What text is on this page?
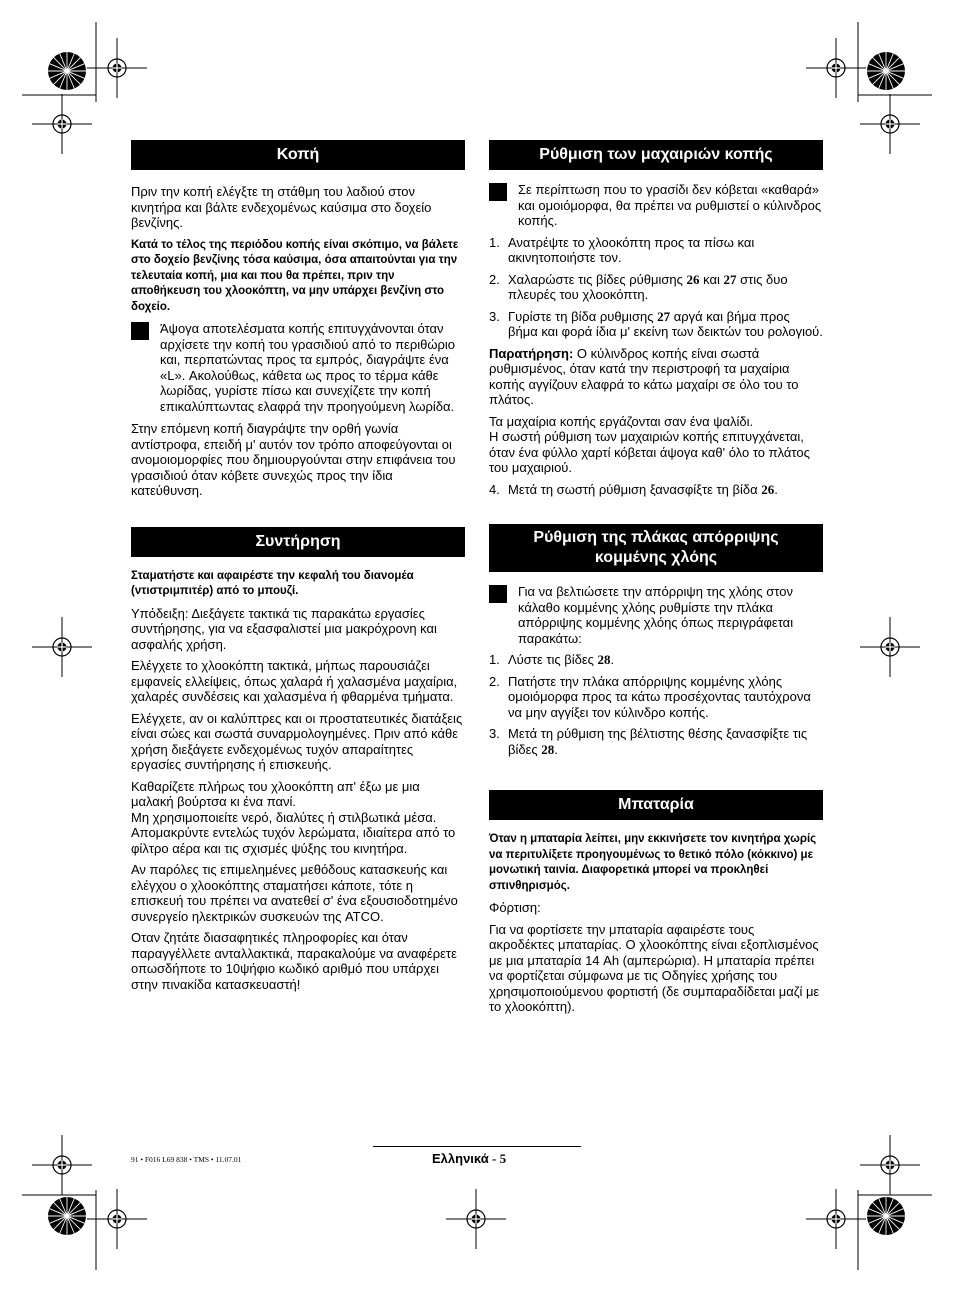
Κοπή

Πριν την κοπή ελέγξτε τη στάθμη του λαδιού στον κινητήρα και βάλτε ενδεχομένως καύσιμα στο δοχείο βενζίνης.

Κατά το τέλος της περιόδου κοπής είναι σκόπιμο, να βάλετε στο δοχείο βενζίνης τόσα καύσιμα, όσα απαιτούνται για την τελευταία κοπή, μια και που θα πρέπει, πριν την αποθήκευση του χλοοκόπτη, να μην υπάρχει βενζίνη στο δοχείο.

Άψογα αποτελέσματα κοπής επιτυγχάνονται όταν αρχίσετε την κοπή του γρασιδιού από το περιθώριο και, περπατώντας προς τα εμπρός, διαγράψτε ένα «L». Ακολούθως, κάθετα ως προς το τέρμα κάθε λωρίδας, γυρίστε πίσω και συνεχίζετε την κοπή επικαλύπτωντας ελαφρά την προηγούμενη λωρίδα.

Στην επόμενη κοπή διαγράψτε την ορθή γωνία αντίστροφα, επειδή μ' αυτόν τον τρόπο αποφεύγονται οι ανομοιομορφίες που δημιουργούνται στην επιφάνεια του γρασιδιού όταν κόβετε συνεχώς προς την ίδια κατεύθυνση.

Συντήρηση

Σταματήστε και αφαιρέστε την κεφαλή του διανομέα (ντιστριμπιτέρ) από το μπουζί.

Υπόδειξη: Διεξάγετε τακτικά τις παρακάτω εργασίες συντήρησης, για να εξασφαλιστεί μια μακρόχρονη και ασφαλής χρήση.

Ελέγχετε το χλοοκόπτη τακτικά, μήπως παρουσιάζει εμφανείς ελλείψεις, όπως χαλαρά ή χαλασμένα μαχαίρια, χαλαρές συνδέσεις και χαλασμένα ή φθαρμένα τμήματα.

Ελέγχετε, αν οι καλύπτρες και οι προστατευτικές διατάξεις είναι σώες και σωστά συναρμολογημένες. Πριν από κάθε χρήση διεξάγετε ενδεχομένως τυχόν απαραίτητες εργασίες συντήρησης ή επισκευής.

Καθαρίζετε πλήρως του χλοοκόπτη απ' έξω με μια μαλακή βούρτσα κι ένα πανί.

Μη χρησιμοποιείτε νερό, διαλύτες ή στιλβωτικά μέσα. Απομακρύντε εντελώς τυχόν λερώματα, ιδιαίτερα από το φίλτρο αέρα και τις σχισμές ψύξης του κινητήρα.

Αν παρόλες τις επιμελημένες μεθόδους κατασκευής και ελέγχου ο χλοοκόπτης σταματήσει κάποτε, τότε η επισκευή του πρέπει να ανατεθεί σ' ένα εξουσιοδοτημένο συνεργείο ηλεκτρικών συσκευών της ATCO.

Οταν ζητάτε διασαφητικές πληροφορίες και όταν παραγγέλλετε ανταλλακτικά, παρακαλούμε να αναφέρετε οπωσδήποτε το 10ψήφιο κωδικό αριθμό που υπάρχει στην πινακίδα κατασκευαστή!

Ρύθμιση των μαχαιριών κοπής
Σε περίπτωση που το γρασίδι δεν κόβεται «καθαρά» και ομοιόμορφα, θα πρέπει να ρυθμιστεί ο κύλινδρος κοπής.
1. Ανατρέψτε το χλοοκόπτη προς τα πίσω και ακινητοποιήστε τον.
2. Χαλαρώστε τις βίδες ρύθμισης 26 και 27 στις δυο πλευρές του χλοοκόπτη.
3. Γυρίστε τη βίδα ρυθμισης 27 αργά και βήμα προς βήμα και φορά ίδια μ' εκείνη των δεικτών του ρολογιού.

Παρατήρηση: Ο κύλινδρος κοπής είναι σωστά ρυθμισμένος, όταν κατά την περιστροφή τα μαχαίρια κοπής αγγίζουν ελαφρά το κάτω μαχαίρι σε όλο του το πλάτος.

Τα μαχαίρια κοπής εργάζονται σαν ένα ψαλίδι.

Η σωστή ρύθμιση των μαχαιριών κοπής επιτυγχάνεται, όταν ένα φύλλο χαρτί κόβεται άψογα καθ' όλο το πλάτος του μαχαιριού.

4. Μετά τη σωστή ρύθμιση ξανασφίξτε τη βίδα 26.
Ρύθμιση της πλάκας απόρριψης
κομμένης χλόης
Για να βελτιώσετε την απόρριψη της χλόης στον κάλαθο κομμένης χλόης ρυθμίστε την πλάκα απόρριψης κομμένης χλόης όπως περιγράφεται παρακάτω:
1. Λύστε τις βίδες 28.
2. Πατήστε την πλάκα απόρριψης κομμένης χλόης ομοιόμορφα προς τα κάτω προσέχοντας ταυτόχρονα να μην αγγίξει τον κύλινδρο κοπής.
3. Μετά τη ρύθμιση της βέλτιστης θέσης ξανασφίξτε τις βίδες 28.
Μπαταρία

Όταν η μπαταρία λείπει, μην εκκινήσετε τον κινητήρα χωρίς να περιτυλίξετε προηγουμένως το θετικό πόλο (κόκκινο) με μονωτική ταινία. Διαφορετικά μπορεί να προκληθεί σπινθηρισμός.

Φόρτιση:

Για να φορτίσετε την μπαταρία αφαιρέστε τους ακροδέκτες μπαταρίας. Ο χλοοκόπτης είναι εξοπλισμένος με μια μπαταρία 14 Ah (αμπερώρια). Η μπαταρία πρέπει να φορτίζεται σύμφωνα με τις Οδηγίες χρήσης του χρησιμοποιούμενου φορτιστή (δε συμπαραδίδεται μαζί με το χλοοκόπτη).

91 • F016 L69 838 • TMS • 11.07.01	Ελληνικά - 5
